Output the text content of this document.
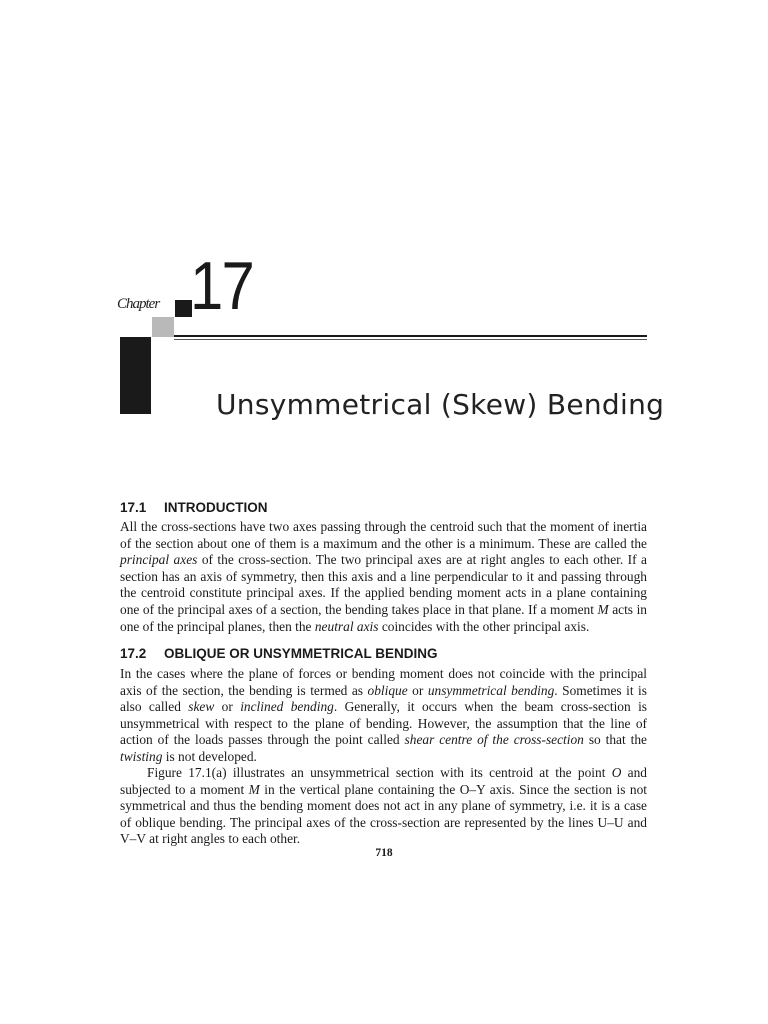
Chapter 17
Unsymmetrical (Skew) Bending
17.1 INTRODUCTION

All the cross-sections have two axes passing through the centroid such that the moment of inertia of the section about one of them is a maximum and the other is a minimum. These are called the principal axes of the cross-section. The two principal axes are at right angles to each other. If a section has an axis of symmetry, then this axis and a line perpendicular to it and passing through the centroid constitute principal axes. If the applied bending moment acts in a plane containing one of the principal axes of a section, the bending takes place in that plane. If a moment M acts in one of the principal planes, then the neutral axis coincides with the other principal axis.

17.2 OBLIQUE OR UNSYMMETRICAL BENDING

In the cases where the plane of forces or bending moment does not coincide with the principal axis of the section, the bending is termed as oblique or unsymmetrical bending. Sometimes it is also called skew or inclined bending. Generally, it occurs when the beam cross-section is unsymmetrical with respect to the plane of bending. However, the assumption that the line of action of the loads passes through the point called shear centre of the cross-section so that the twisting is not developed.

Figure 17.1(a) illustrates an unsymmetrical section with its centroid at the point O and subjected to a moment M in the vertical plane containing the O–Y axis. Since the section is not symmetrical and thus the bending moment does not act in any plane of symmetry, i.e. it is a case of oblique bending. The principal axes of the cross-section are represented by the lines U–U and V–V at right angles to each other.

718
